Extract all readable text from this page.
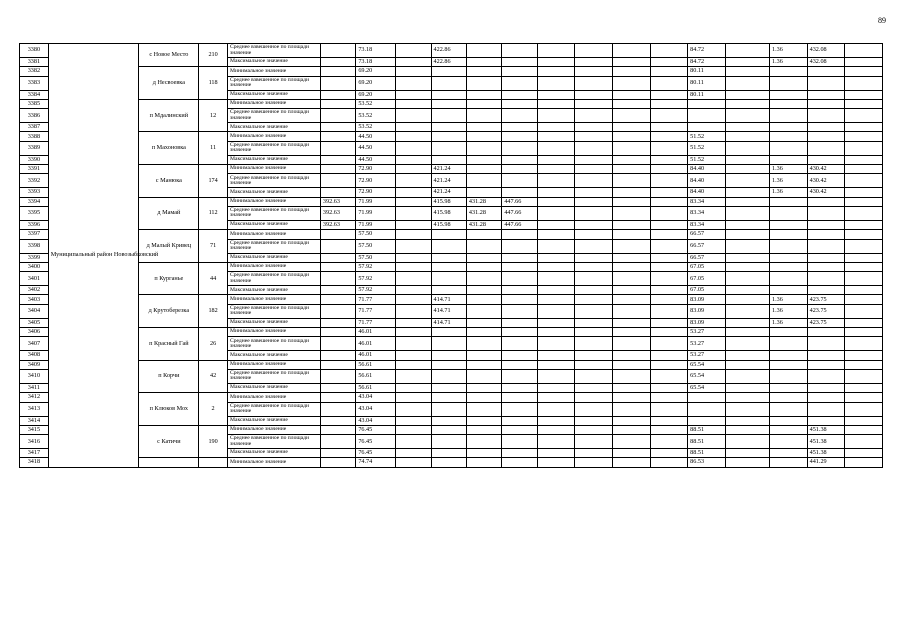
89
3380	Муниципальный район Новозыбковский	с Новое Место	210	Среднее взвешенное по площади значение		73.18		422.86							84.72		1.36	432.08	
3381				Максимальное значение		73.18		422.86							84.72		1.36	432.08	
3382		д Несвоевка	118	Минимальное значение		69.20									80.11				
3383				Среднее взвешенное по площади значение		69.20									80.11				
3384				Максимальное значение		69.20									80.11				
3385		п Мдалинский	12	Минимальное значение		53.52													
3386				Среднее взвешенное по площади значение		53.52													
3387				Максимальное значение		53.52													
3388		п Махоновка	11	Минимальное значение		44.50									51.52				
3389				Среднее взвешенное по площади значение		44.50									51.52				
3390				Максимальное значение		44.50									51.52				
3391		с Манюка	174	Минимальное значение		72.90		421.24							84.40		1.36	430.42	
3392				Среднее взвешенное по площади значение		72.90		421.24							84.40		1.36	430.42	
3393				Максимальное значение		72.90		421.24							84.40		1.36	430.42	
3394		д Мамай	112	Минимальное значение	392.63	71.99		415.98	431.28	447.66					83.34				
3395				Среднее взвешенное по площади значение	392.63	71.99		415.98	431.28	447.66					83.34				
3396				Максимальное значение	392.63	71.99		415.98	431.28	447.66					83.34				
3397		д Малый Кривец	71	Минимальное значение		57.50									66.57				
3398				Среднее взвешенное по площади значение		57.50									66.57				
3399				Максимальное значение		57.50									66.57				
3400		п Курганье	44	Минимальное значение		57.92									67.05				
3401				Среднее взвешенное по площади значение		57.92									67.05				
3402				Максимальное значение		57.92									67.05				
3403		д Крутоберезка	182	Минимальное значение		71.77		414.71							83.09		1.36	423.75	
3404				Среднее взвешенное по площади значение		71.77		414.71							83.09		1.36	423.75	
3405				Максимальное значение		71.77		414.71							83.09		1.36	423.75	
3406		п Красный Гай	26	Минимальное значение		46.01									53.27				
3407				Среднее взвешенное по площади значение		46.01									53.27				
3408				Максимальное значение		46.01									53.27				
3409		п Корчи	42	Минимальное значение		56.61									65.54				
3410				Среднее взвешенное по площади значение		56.61									65.54				
3411				Максимальное значение		56.61									65.54				
3412		п Клюков Мох	2	Минимальное значение		43.04													
3413				Среднее взвешенное по площади значение		43.04													
3414				Максимальное значение		43.04													
3415		с Катичи	190	Минимальное значение		76.45									88.51			451.38	
3416				Среднее взвешенное по площади значение		76.45									88.51			451.38	
3417				Максимальное значение		76.45									88.51			451.38	
3418				Минимальное значение		74.74									86.53			441.29	
